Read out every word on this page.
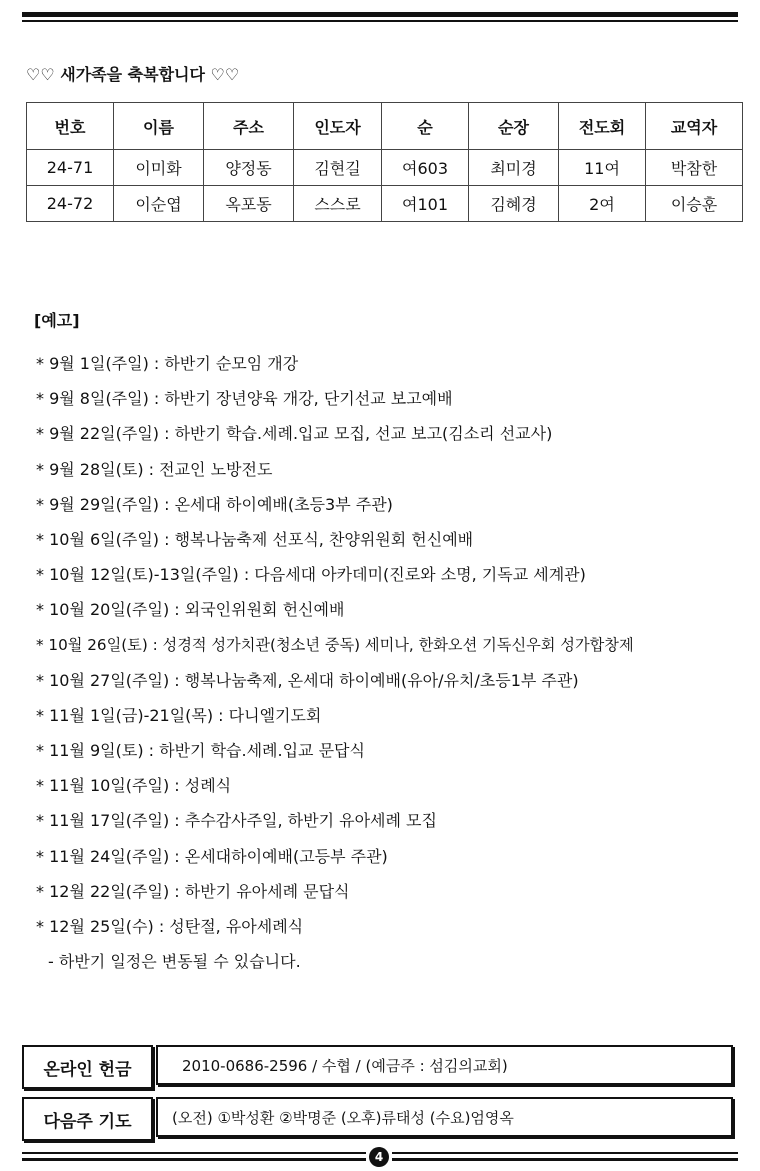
♡♡ 새가족을 축복합니다 ♡♡
번호	이름	주소	인도자	순	순장	전도회	교역자
24-71	이미화	양정동	김현길	여603	최미경	11여	박참한
24-72	이순엽	옥포동	스스로	여101	김혜경	2여	이승훈
[예고]
* 9월 1일(주일) : 하반기 순모임 개강
* 9월 8일(주일) : 하반기 장년양육 개강, 단기선교 보고예배
* 9월 22일(주일) : 하반기 학습.세례.입교 모집, 선교 보고(김소리 선교사)
* 9월 28일(토) : 전교인 노방전도
* 9월 29일(주일) : 온세대 하이예배(초등3부 주관)
* 10월 6일(주일) : 행복나눔축제 선포식, 찬양위원회 헌신예배
* 10월 12일(토)-13일(주일) : 다음세대 아카데미(진로와 소명, 기독교 세계관)
* 10월 20일(주일) : 외국인위원회 헌신예배
* 10월 26일(토) : 성경적 성가치관(청소년 중독) 세미나, 한화오션 기독신우회 성가합창제
* 10월 27일(주일) : 행복나눔축제, 온세대 하이예배(유아/유치/초등1부 주관)
* 11월 1일(금)-21일(목) : 다니엘기도회
* 11월 9일(토) : 하반기 학습.세례.입교 문답식
* 11월 10일(주일) : 성례식
* 11월 17일(주일) : 추수감사주일, 하반기 유아세례 모집
* 11월 24일(주일) : 온세대하이예배(고등부 주관)
* 12월 22일(주일) : 하반기 유아세례 문답식
* 12월 25일(수) : 성탄절, 유아세례식
- 하반기 일정은 변동될 수 있습니다.
온라인 헌금	2010-0686-2596 / 수협 / (예금주 : 섬김의교회)
다음주 기도	(오전) ①박성환 ②박명준 (오후)류태성 (수요)엄영옥
4
